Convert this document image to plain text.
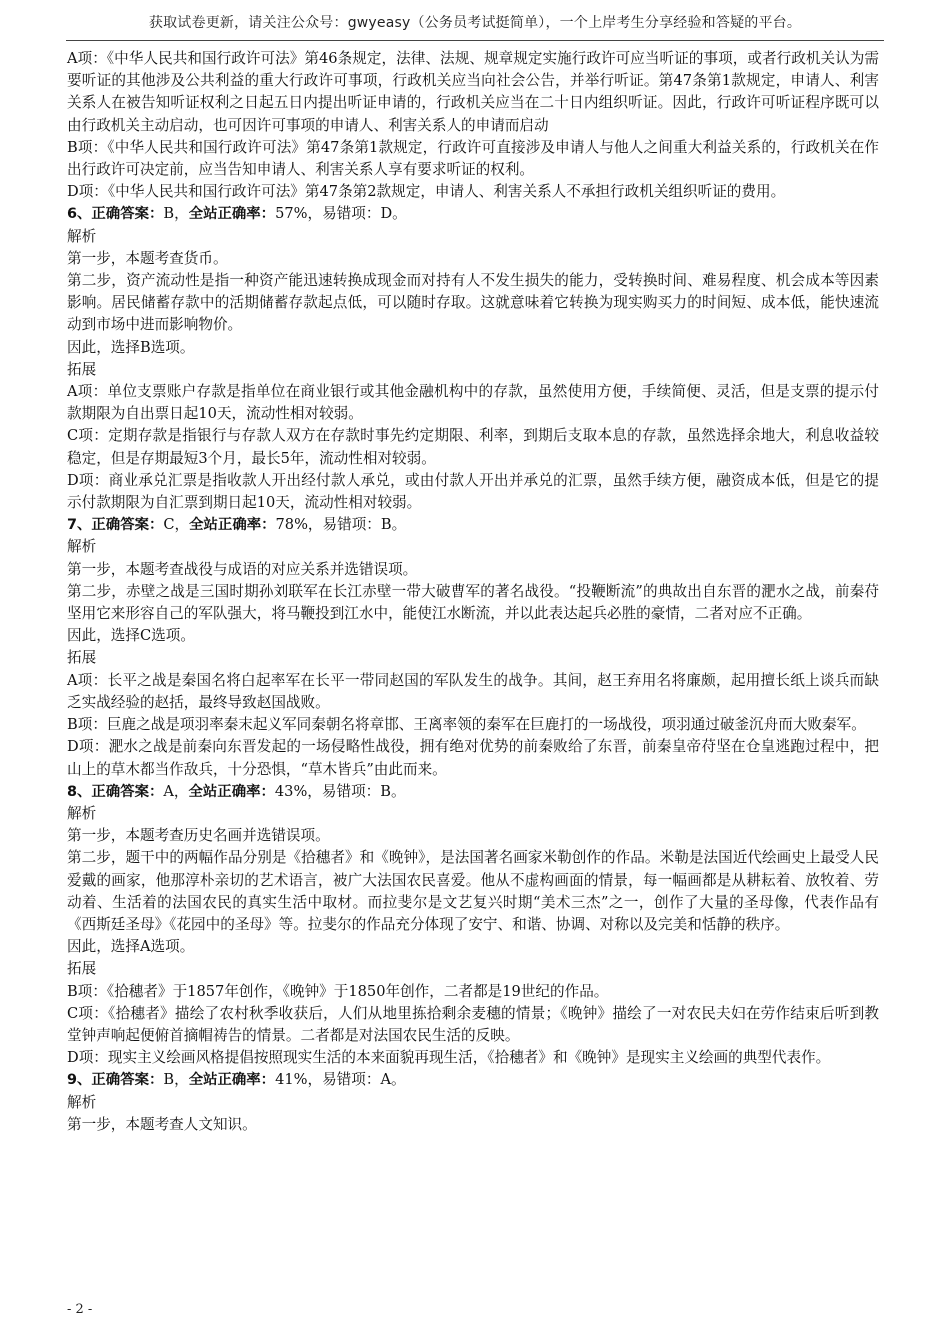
获取试卷更新，请关注公众号：gwyeasy（公务员考试挺简单），一个上岸考生分享经验和答疑的平台。

A项：《中华人民共和国行政许可法》第46条规定，法律、法规、规章规定实施行政许可应当听证的事项，或者行政机关认为需要听证的其他涉及公共利益的重大行政许可事项，行政机关应当向社会公告，并举行听证。第47条第1款规定，申请人、利害关系人在被告知听证权利之日起五日内提出听证申请的，行政机关应当在二十日内组织听证。因此，行政许可听证程序既可以由行政机关主动启动，也可因许可事项的申请人、利害关系人的申请而启动

B项：《中华人民共和国行政许可法》第47条第1款规定，行政许可直接涉及申请人与他人之间重大利益关系的，行政机关在作出行政许可决定前，应当告知申请人、利害关系人享有要求听证的权利。

D项：《中华人民共和国行政许可法》第47条第2款规定，申请人、利害关系人不承担行政机关组织听证的费用。

6、正确答案：B，全站正确率：57%，易错项：D。

解析

第一步，本题考查货币。

第二步，资产流动性是指一种资产能迅速转换成现金而对持有人不发生损失的能力，受转换时间、难易程度、机会成本等因素影响。居民储蓄存款中的活期储蓄存款起点低，可以随时存取。这就意味着它转换为现实购买力的时间短、成本低，能快速流动到市场中进而影响物价。

因此，选择B选项。

拓展

A项：单位支票账户存款是指单位在商业银行或其他金融机构中的存款，虽然使用方便，手续简便、灵活，但是支票的提示付款期限为自出票日起10天，流动性相对较弱。

C项：定期存款是指银行与存款人双方在存款时事先约定期限、利率，到期后支取本息的存款，虽然选择余地大，利息收益较稳定，但是存期最短3个月，最长5年，流动性相对较弱。

D项：商业承兑汇票是指收款人开出经付款人承兑，或由付款人开出并承兑的汇票，虽然手续方便，融资成本低，但是它的提示付款期限为自汇票到期日起10天，流动性相对较弱。

7、正确答案：C，全站正确率：78%，易错项：B。

解析

第一步，本题考查战役与成语的对应关系并选错误项。

第二步，赤壁之战是三国时期孙刘联军在长江赤壁一带大破曹军的著名战役。“投鞭断流”的典故出自东晋的淝水之战，前秦苻坚用它来形容自己的军队强大，将马鞭投到江水中，能使江水断流，并以此表达起兵必胜的豪情，二者对应不正确。

因此，选择C选项。

拓展

A项：长平之战是秦国名将白起率军在长平一带同赵国的军队发生的战争。其间，赵王弃用名将廉颇，起用擅长纸上谈兵而缺乏实战经验的赵括，最终导致赵国战败。

B项：巨鹿之战是项羽率秦末起义军同秦朝名将章邯、王离率领的秦军在巨鹿打的一场战役，项羽通过破釜沉舟而大败秦军。

D项：淝水之战是前秦向东晋发起的一场侵略性战役，拥有绝对优势的前秦败给了东晋，前秦皇帝苻坚在仓皇逃跑过程中，把山上的草木都当作敌兵，十分恐惧，“草木皆兵”由此而来。

8、正确答案：A，全站正确率：43%，易错项：B。

解析

第一步，本题考查历史名画并选错误项。

第二步，题干中的两幅作品分别是《拾穗者》和《晚钟》，是法国著名画家米勒创作的作品。米勒是法国近代绘画史上最受人民爱戴的画家，他那淳朴亲切的艺术语言，被广大法国农民喜爱。他从不虚构画面的情景，每一幅画都是从耕耘着、放牧着、劳动着、生活着的法国农民的真实生活中取材。而拉斐尔是文艺复兴时期“美术三杰”之一，创作了大量的圣母像，代表作品有《西斯廷圣母》《花园中的圣母》等。拉斐尔的作品充分体现了安宁、和谐、协调、对称以及完美和恬静的秩序。

因此，选择A选项。

拓展

B项：《拾穗者》于1857年创作，《晚钟》于1850年创作，二者都是19世纪的作品。

C项：《拾穗者》描绘了农村秋季收获后，人们从地里拣拾剩余麦穗的情景；《晚钟》描绘了一对农民夫妇在劳作结束后听到教堂钟声响起便俯首摘帽祷告的情景。二者都是对法国农民生活的反映。

D项：现实主义绘画风格提倡按照现实生活的本来面貌再现生活，《拾穗者》和《晚钟》是现实主义绘画的典型代表作。

9、正确答案：B，全站正确率：41%，易错项：A。

解析

第一步，本题考查人文知识。

- 2 -
